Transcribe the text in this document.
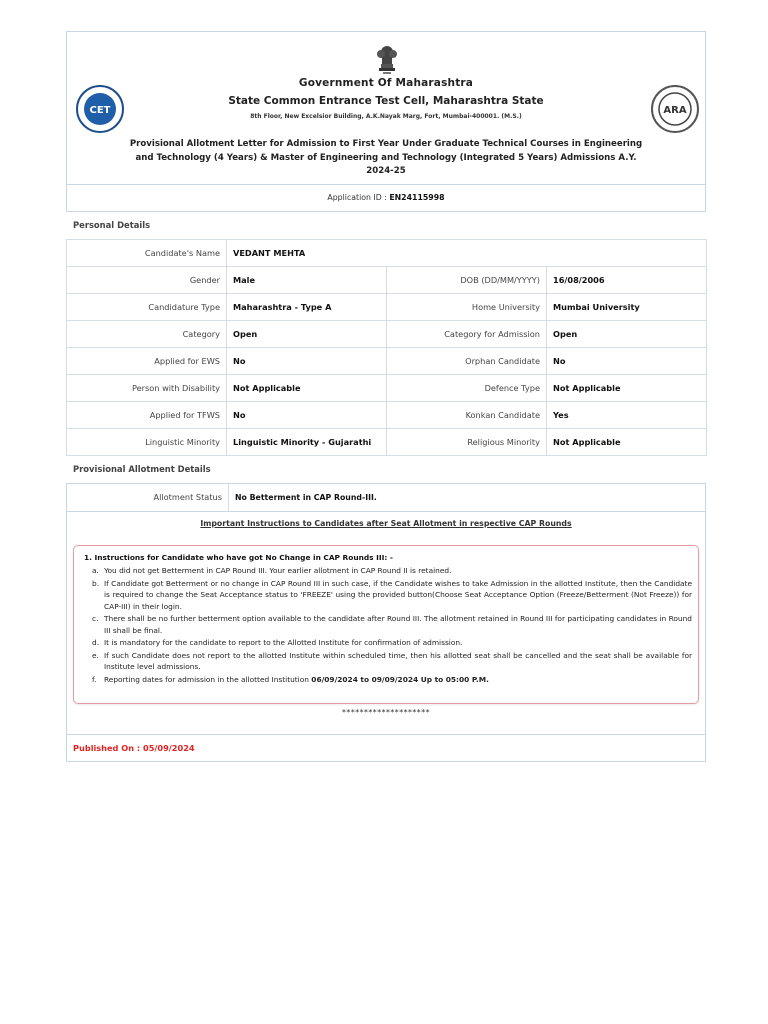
CET	ARA
Government Of Maharashtra
State Common Entrance Test Cell, Maharashtra State
8th Floor, New Excelsior Building, A.K.Nayak Marg, Fort, Mumbai-400001. (M.S.)
Provisional Allotment Letter for Admission to First Year Under Graduate Technical Courses in Engineering and Technology (4 Years) & Master of Engineering and Technology (Integrated 5 Years) Admissions A.Y. 2024-25
Application ID : EN24115998
Personal Details
Candidate's Name	VEDANT MEHTA		
Gender	Male	DOB (DD/MM/YYYY)	16/08/2006
Candidature Type	Maharashtra - Type A	Home University	Mumbai University
Category	Open	Category for Admission	Open
Applied for EWS	No	Orphan Candidate	No
Person with Disability	Not Applicable	Defence Type	Not Applicable
Applied for TFWS	No	Konkan Candidate	Yes
Linguistic Minority	Linguistic Minority - Gujarathi	Religious Minority	Not Applicable
Provisional Allotment Details
Allotment Status	No Betterment in CAP Round-III.
Important Instructions to Candidates after Seat Allotment in respective CAP Rounds
1. Instructions for Candidate who have got No Change in CAP Rounds III: -
a. You did not get Betterment in CAP Round III. Your earlier allotment in CAP Round II is retained.
b. If Candidate got Betterment or no change in CAP Round III in such case, if the Candidate wishes to take Admission in the allotted Institute, then the Candidate is required to change the Seat Acceptance status to 'FREEZE' using the provided button(Choose Seat Acceptance Option (Freeze/Betterment (Not Freeze)) for CAP-III) in their login.
c. There shall be no further betterment option available to the candidate after Round III. The allotment retained in Round III for participating candidates in Round III shall be final.
d. It is mandatory for the candidate to report to the Allotted Institute for confirmation of admission.
e. If such Candidate does not report to the allotted Institute within scheduled time, then his allotted seat shall be cancelled and the seat shall be available for Institute level admissions.
f. Reporting dates for admission in the allotted Institution 06/09/2024 to 09/09/2024 Up to 05:00 P.M.
********************
Published On : 05/09/2024
